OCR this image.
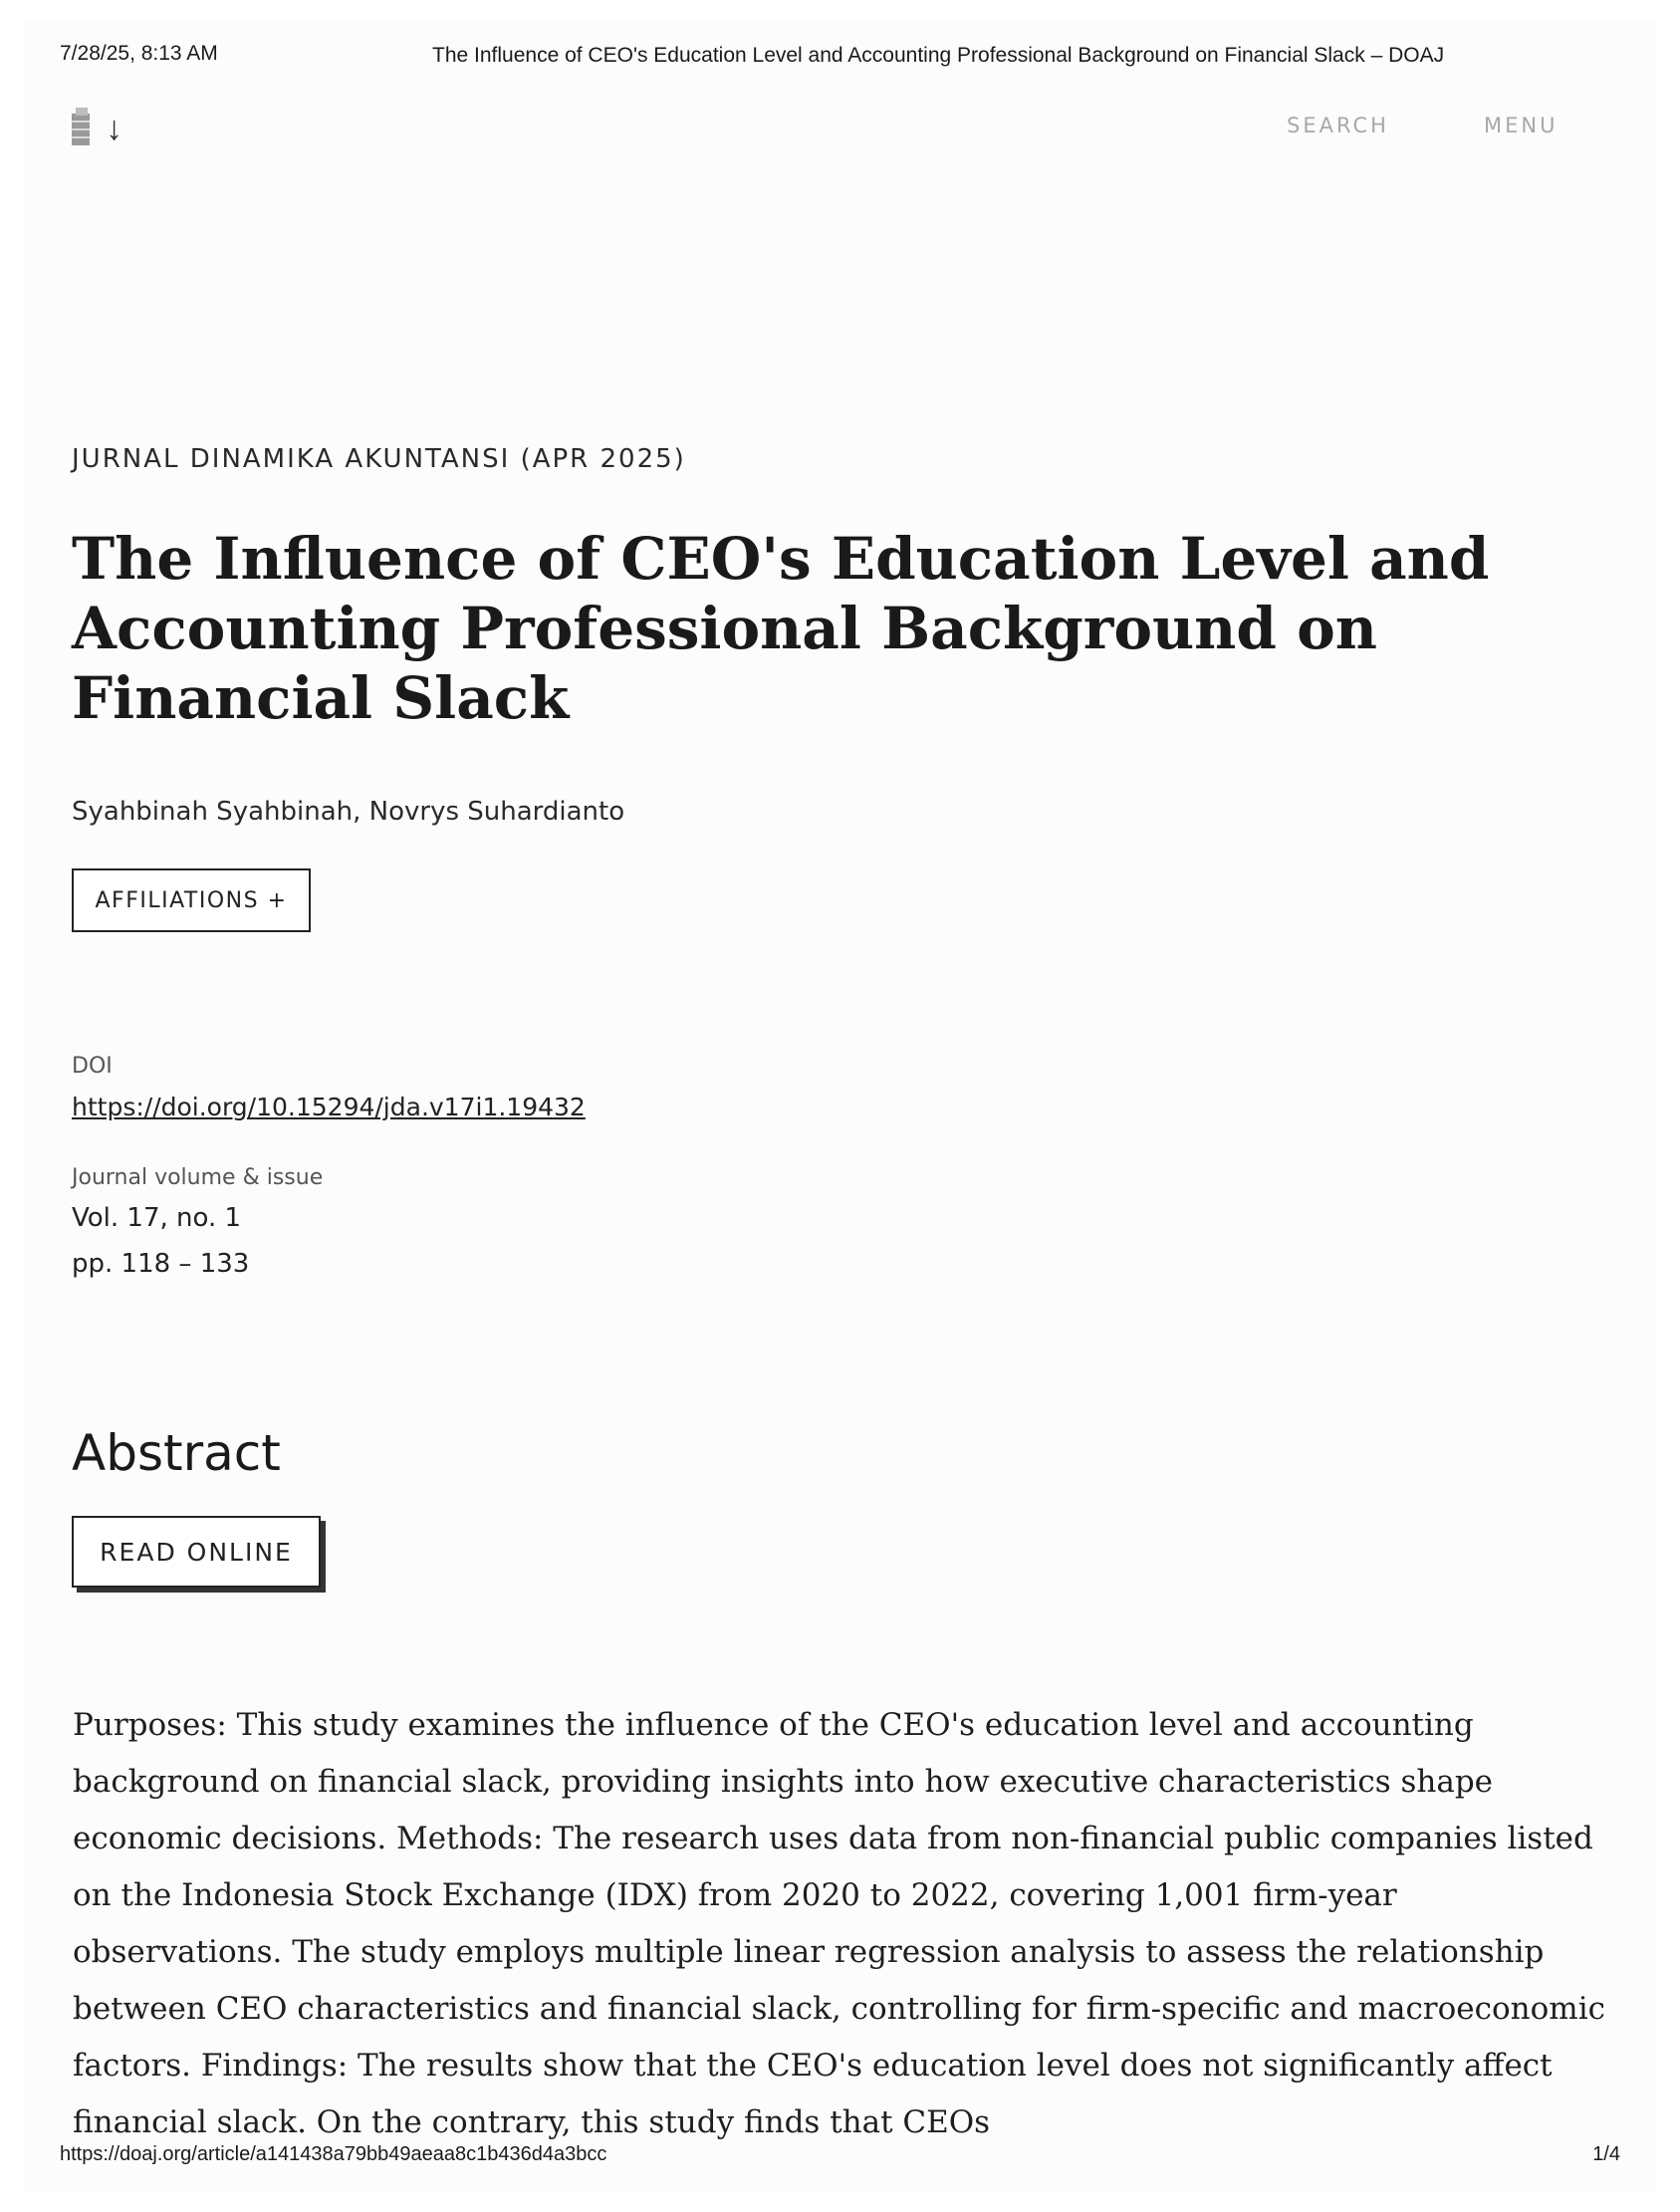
7/28/25, 8:13 AM	The Influence of CEO's Education Level and Accounting Professional Background on Financial Slack – DOAJ
↓	SEARCH	MENU
JURNAL DINAMIKA AKUNTANSI (APR 2025)
The Influence of CEO's Education Level and Accounting Professional Background on Financial Slack
Syahbinah Syahbinah, Novrys Suhardianto
AFFILIATIONS +
DOI
https://doi.org/10.15294/jda.v17i1.19432
Journal volume & issue
Vol. 17, no. 1
pp. 118 – 133
Abstract
READ ONLINE

Purposes: This study examines the influence of the CEO's education level and accounting background on financial slack, providing insights into how executive characteristics shape economic decisions. Methods: The research uses data from non-financial public companies listed on the Indonesia Stock Exchange (IDX) from 2020 to 2022, covering 1,001 firm-year observations. The study employs multiple linear regression analysis to assess the relationship between CEO characteristics and financial slack, controlling for firm-specific and macroeconomic factors. Findings: The results show that the CEO's education level does not significantly affect financial slack. On the contrary, this study finds that CEOs

https://doaj.org/article/a141438a79bb49aeaa8c1b436d4a3bcc	1/4
